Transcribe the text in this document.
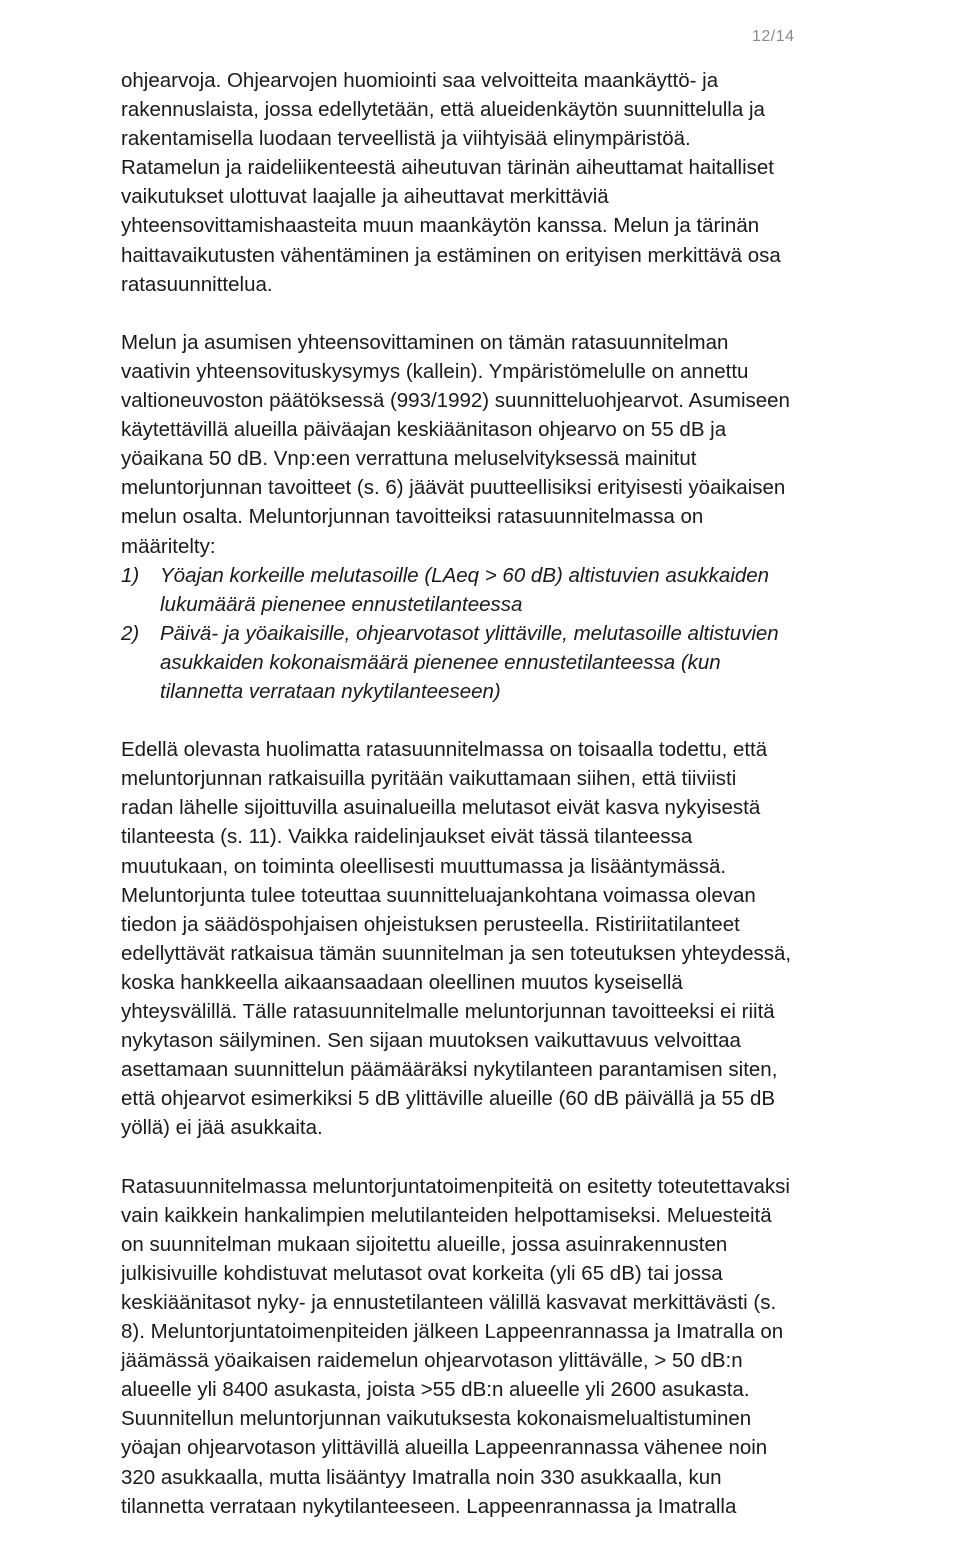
12/14
ohjearvoja. Ohjearvojen huomiointi saa velvoitteita maankäyttö- ja
rakennuslaista, jossa edellytetään, että alueidenkäytön suunnittelulla ja
rakentamisella luodaan terveellistä ja viihtyisää elinympäristöä.
Ratamelun ja raideliikenteestä aiheutuvan tärinän aiheuttamat haitalliset
vaikutukset ulottuvat laajalle ja aiheuttavat merkittäviä
yhteensovittamishaasteita muun maankäytön kanssa. Melun ja tärinän
haittavaikutusten vähentäminen ja estäminen on erityisen merkittävä osa
ratasuunnittelua.
Melun ja asumisen yhteensovittaminen on tämän ratasuunnitelman
vaativin yhteensovituskysymys (kallein). Ympäristömelulle on annettu
valtioneuvoston päätöksessä (993/1992) suunnitteluohjearvot. Asumiseen
käytettävillä alueilla päiväajan keskiäänitason ohjearvo on 55 dB ja
yöaikana 50 dB. Vnp:een verrattuna meluselvityksessä mainitut
meluntorjunnan tavoitteet (s. 6) jäävät puutteellisiksi erityisesti yöaikaisen
melun osalta. Meluntorjunnan tavoitteiksi ratasuunnitelmassa on
määritelty:
1) Yöajan korkeille melutasoille (LAeq > 60 dB) altistuvien asukkaiden
lukumäärä pienenee ennustetilanteessa
2) Päivä- ja yöaikaisille, ohjearvotasot ylittäville, melutasoille altistuvien
asukkaiden kokonaismäärä pienenee ennustetilanteessa (kun
tilannetta verrataan nykytilanteeseen)
Edellä olevasta huolimatta ratasuunnitelmassa on toisaalla todettu, että
meluntorjunnan ratkaisuilla pyritään vaikuttamaan siihen, että tiiviisti
radan lähelle sijoittuvilla asuinalueilla melutasot eivät kasva nykyisestä
tilanteesta (s. 11). Vaikka raidelinjaukset eivät tässä tilanteessa
muutukaan, on toiminta oleellisesti muuttumassa ja lisääntymässä.
Meluntorjunta tulee toteuttaa suunnitteluajankohtana voimassa olevan
tiedon ja säädöspohjaisen ohjeistuksen perusteella. Ristiriitatilanteet
edellyttävät ratkaisua tämän suunnitelman ja sen toteutuksen yhteydessä,
koska hankkeella aikaansaadaan oleellinen muutos kyseisellä
yhteysvälillä. Tälle ratasuunnitelmalle meluntorjunnan tavoitteeksi ei riitä
nykytason säilyminen. Sen sijaan muutoksen vaikuttavuus velvoittaa
asettamaan suunnittelun päämääräksi nykytilanteen parantamisen siten,
että ohjearvot esimerkiksi 5 dB ylittäville alueille (60 dB päivällä ja 55 dB
yöllä) ei jää asukkaita.
Ratasuunnitelmassa meluntorjuntatoimenpiteitä on esitetty toteutettavaksi
vain kaikkein hankalimpien melutilanteiden helpottamiseksi. Meluesteitä
on suunnitelman mukaan sijoitettu alueille, jossa asuinrakennusten
julkisivuille kohdistuvat melutasot ovat korkeita (yli 65 dB) tai jossa
keskiäänitasot nyky- ja ennustetilanteen välillä kasvavat merkittävästi (s.
8). Meluntorjuntatoimenpiteiden jälkeen Lappeenrannassa ja Imatralla on
jäämässä yöaikaisen raidemelun ohjearvotason ylittävälle, > 50 dB:n
alueelle yli 8400 asukasta, joista >55 dB:n alueelle yli 2600 asukasta.
Suunnitellun meluntorjunnan vaikutuksesta kokonaismelualtistuminen
yöajan ohjearvotason ylittävillä alueilla Lappeenrannassa vähenee noin
320 asukkaalla, mutta lisääntyy Imatralla noin 330 asukkaalla, kun
tilannetta verrataan nykytilanteeseen. Lappeenrannassa ja Imatralla
